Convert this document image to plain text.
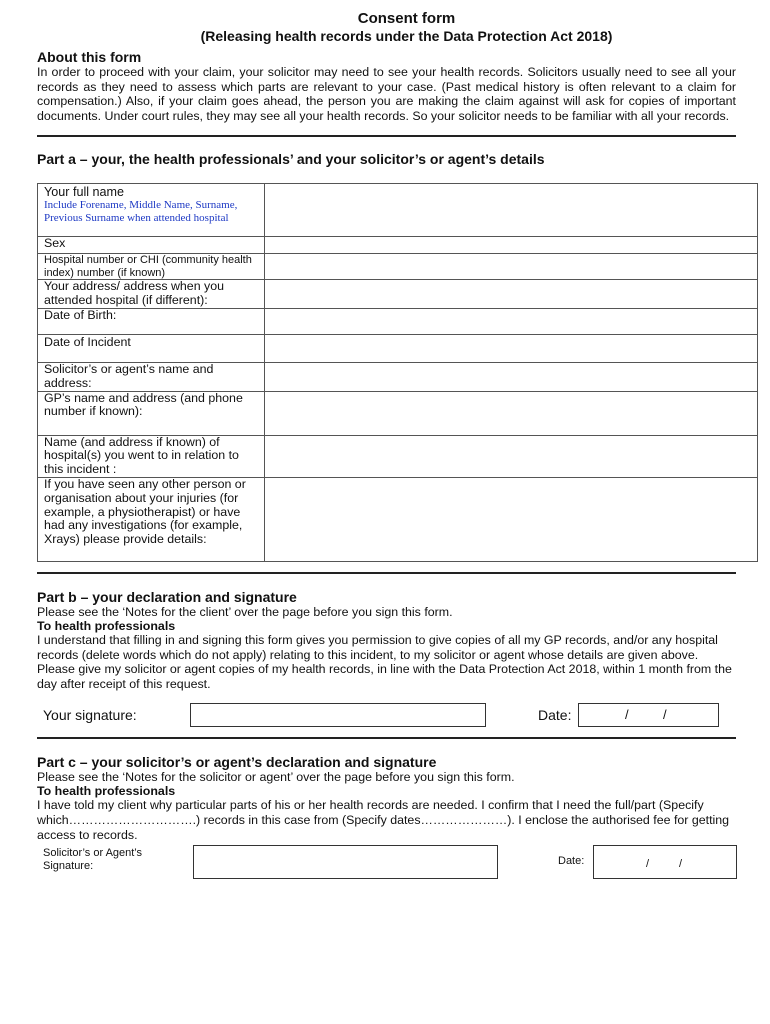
Consent form
(Releasing health records under the Data Protection Act 2018)
About this form
In order to proceed with your claim, your solicitor may need to see your health records. Solicitors usually need to see all your records as they need to assess which parts are relevant to your case. (Past medical history is often relevant to a claim for compensation.) Also, if your claim goes ahead, the person you are making the claim against will ask for copies of important documents. Under court rules, they may see all your health records. So your solicitor needs to be familiar with all your records.
Part a – your, the health professionals’ and your solicitor’s or agent’s details
Your full name
Include Forename, Middle Name, Surname, Previous Surname when attended hospital	

Sex	
Hospital number or CHI (community health index) number (if known)	
Your address/ address when you attended hospital (if different):	
Date of Birth:	
Date of Incident	
Solicitor’s or agent’s name and address:	
GP’s name and address (and phone number if known):	
Name (and address if known) of hospital(s) you went to in relation to this incident :	
If you have seen any other person or organisation about your injuries (for example, a physiotherapist) or have had any investigations (for example, Xrays) please provide details:	
Part b – your declaration and signature
Please see the ‘Notes for the client’ over the page before you sign this form.
To health professionals
I understand that filling in and signing this form gives you permission to give copies of all my GP records, and/or any hospital records (delete words which do not apply) relating to this incident, to my solicitor or agent whose details are given above. Please give my solicitor or agent copies of my health records, in line with the Data Protection Act 2018, within 1 month from the day after receipt of this request.
Your signature:	Date:	/	/
Part c – your solicitor’s or agent’s declaration and signature
Please see the ‘Notes for the solicitor or agent’ over the page before you sign this form.
To health professionals
I have told my client why particular parts of his or her health records are needed. I confirm that I need the full/part (Specify which………………………….) records in this case from (Specify dates…………………). I enclose the authorised fee for getting access to records.
Solicitor’s or Agent’s
Signature:	Date:	/	/
